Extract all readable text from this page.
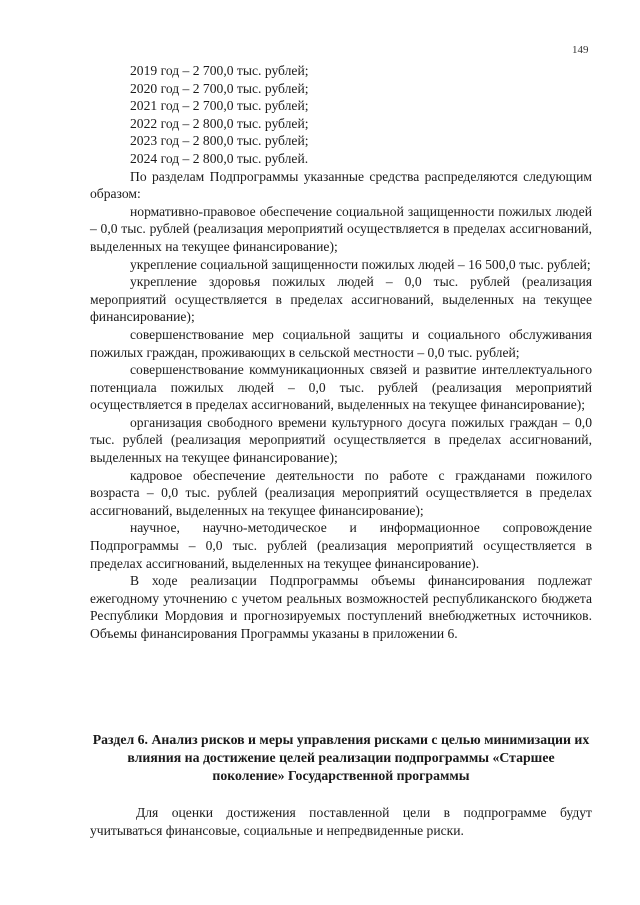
149
2019 год – 2 700,0 тыс. рублей;
2020 год – 2 700,0 тыс. рублей;
2021 год – 2 700,0 тыс. рублей;
2022 год – 2 800,0 тыс. рублей;
2023 год – 2 800,0 тыс. рублей;
2024 год – 2 800,0 тыс. рублей.
По разделам Подпрограммы указанные средства распределяются следующим образом:
нормативно-правовое обеспечение социальной защищенности пожилых людей – 0,0 тыс. рублей (реализация мероприятий осуществляется в пределах ассигнований, выделенных на текущее финансирование);
укрепление социальной защищенности пожилых людей – 16 500,0 тыс. рублей;
укрепление здоровья пожилых людей – 0,0 тыс. рублей (реализация мероприятий осуществляется в пределах ассигнований, выделенных на текущее финансирование);
совершенствование мер социальной защиты и социального обслуживания пожилых граждан, проживающих в сельской местности – 0,0 тыс. рублей;
совершенствование коммуникационных связей и развитие интеллектуального потенциала пожилых людей – 0,0 тыс. рублей (реализация мероприятий осуществляется в пределах ассигнований, выделенных на текущее финансирование);
организация свободного времени культурного досуга пожилых граждан – 0,0 тыс. рублей (реализация мероприятий осуществляется в пределах ассигнований, выделенных на текущее финансирование);
кадровое обеспечение деятельности по работе с гражданами пожилого возраста – 0,0 тыс. рублей (реализация мероприятий осуществляется в пределах ассигнований, выделенных на текущее финансирование);
научное, научно-методическое и информационное сопровождение Подпрограммы – 0,0 тыс. рублей (реализация мероприятий осуществляется в пределах ассигнований, выделенных на текущее финансирование).
В ходе реализации Подпрограммы объемы финансирования подлежат ежегодному уточнению с учетом реальных возможностей республиканского бюджета Республики Мордовия и прогнозируемых поступлений внебюджетных источников. Объемы финансирования Программы указаны в приложении 6.
Раздел 6. Анализ рисков и меры управления рисками с целью минимизации их влияния на достижение целей реализации подпрограммы «Старшее поколение» Государственной программы
Для оценки достижения поставленной цели в подпрограмме будут учитываться финансовые, социальные и непредвиденные риски.
